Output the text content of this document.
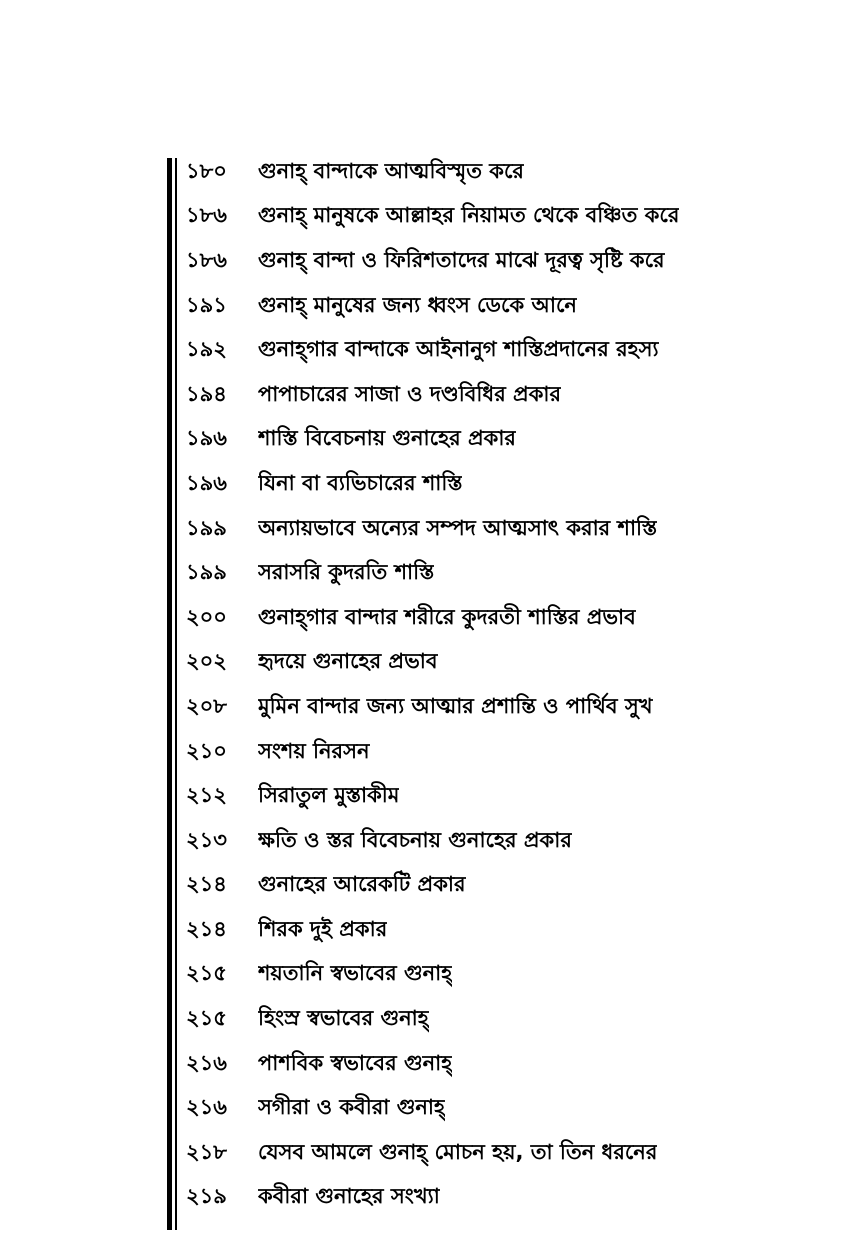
১৮০	গুনাহ্ বান্দাকে আত্মবিস্মৃত করে
১৮৬	গুনাহ্ মানুষকে আল্লাহর নিয়ামত থেকে বঞ্চিত করে
১৮৬	গুনাহ্ বান্দা ও ফিরিশতাদের মাঝে দূরত্ব সৃষ্টি করে
১৯১	গুনাহ্ মানুষের জন্য ধ্বংস ডেকে আনে
১৯২	গুনাহ্গার বান্দাকে আইনানুগ শাস্তিপ্রদানের রহস্য
১৯৪	পাপাচারের সাজা ও দণ্ডবিধির প্রকার
১৯৬	শাস্তি বিবেচনায় গুনাহের প্রকার
১৯৬	যিনা বা ব্যভিচারের শাস্তি
১৯৯	অন্যায়ভাবে অন্যের সম্পদ আত্মসাৎ করার শাস্তি
১৯৯	সরাসরি কুদরতি শাস্তি
২০০	গুনাহ্গার বান্দার শরীরে কুদরতী শাস্তির প্রভাব
২০২	হৃদয়ে গুনাহের প্রভাব
২০৮	মুমিন বান্দার জন্য আত্মার প্রশান্তি ও পার্থিব সুখ
২১০	সংশয় নিরসন
২১২	সিরাতুল মুস্তাকীম
২১৩	ক্ষতি ও স্তর বিবেচনায় গুনাহের প্রকার
২১৪	গুনাহের আরেকটি প্রকার
২১৪	শিরক দুই প্রকার
২১৫	শয়তানি স্বভাবের গুনাহ্
২১৫	হিংস্র স্বভাবের গুনাহ্
২১৬	পাশবিক স্বভাবের গুনাহ্
২১৬	সগীরা ও কবীরা গুনাহ্
২১৮	যেসব আমলে গুনাহ্ মোচন হয়, তা তিন ধরনের
২১৯	কবীরা গুনাহের সংখ্যা
